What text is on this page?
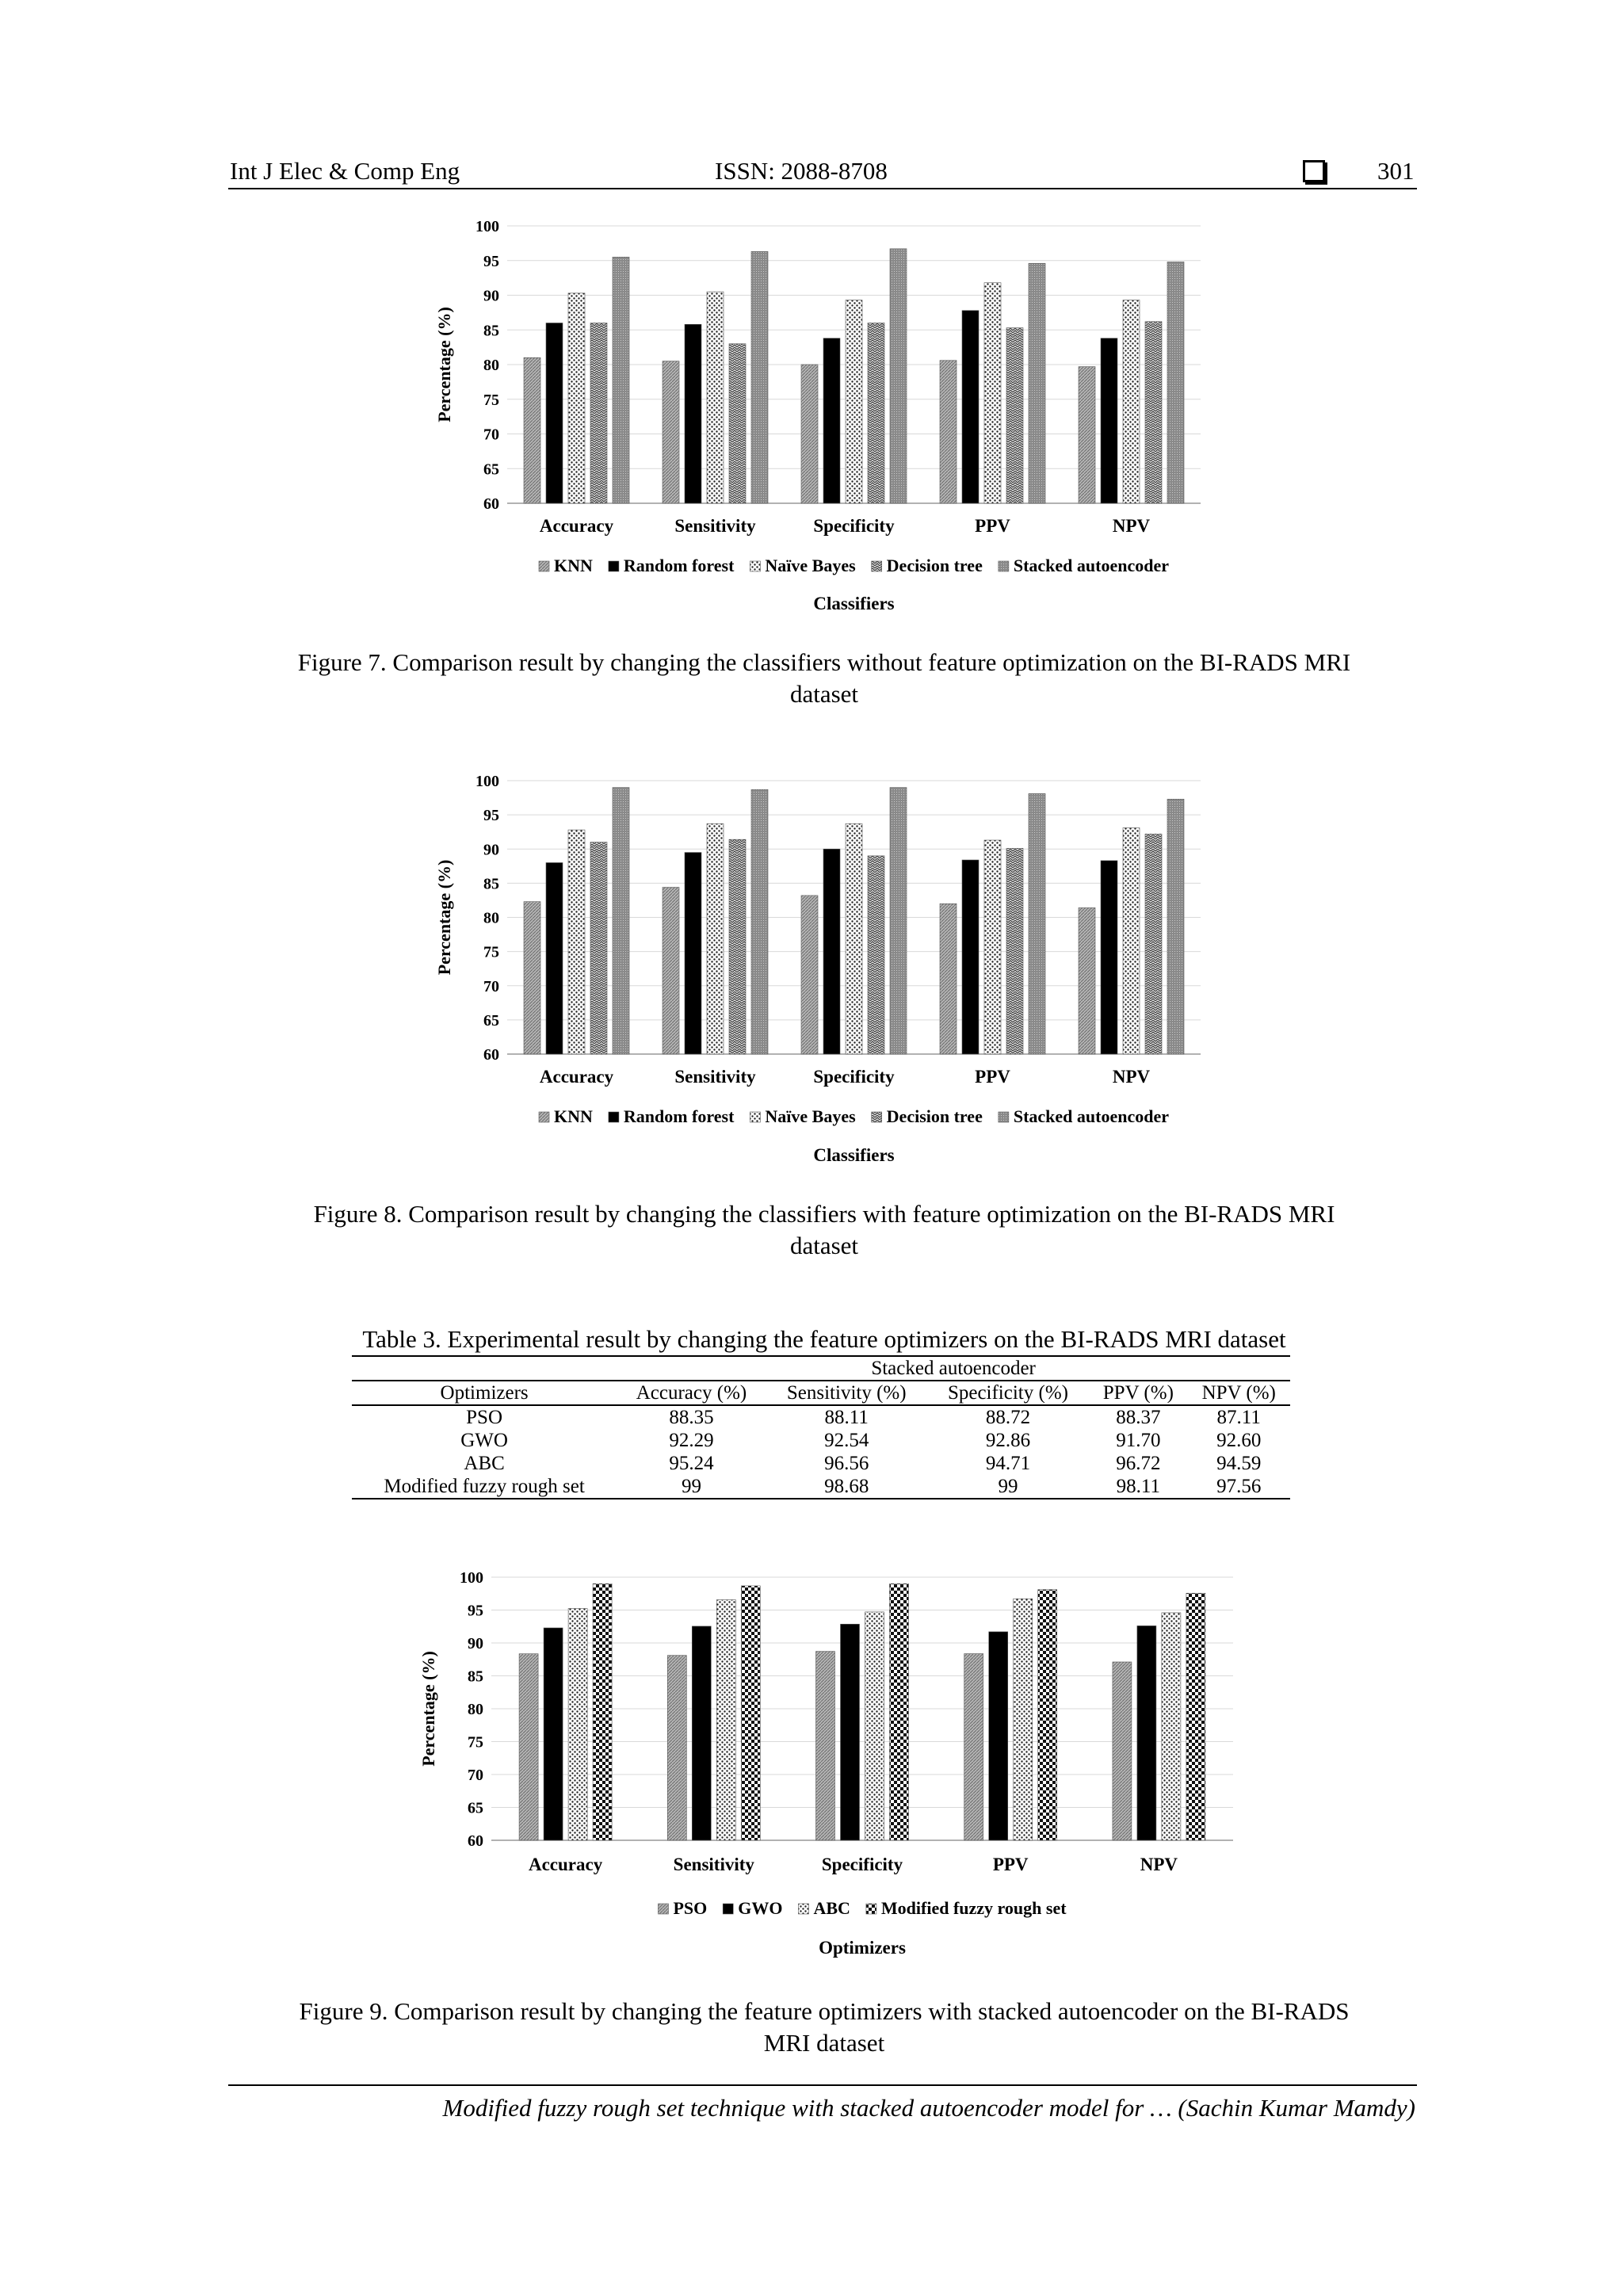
Int J Elec & Comp Eng	ISSN: 2088-8708	301
60
65
70
75
80
85
90
95
100
Percentage (%)
Accuracy	Sensitivity	Specificity	PPV	NPV
KNN Random forest Naïve Bayes Decision tree Stacked autoencoder
Classifiers
Figure 7. Comparison result by changing the classifiers without feature optimization on the BI-RADS MRI
dataset
60
65
70
75
80
85
90
95
100
Percentage (%)
Accuracy	Sensitivity	Specificity	PPV	NPV
KNN Random forest Naïve Bayes Decision tree Stacked autoencoder
Classifiers
Figure 8. Comparison result by changing the classifiers with feature optimization on the BI-RADS MRI
dataset
Table 3. Experimental result by changing the feature optimizers on the BI-RADS MRI dataset
	Stacked autoencoder				
Optimizers	Accuracy (%)	Sensitivity (%)	Specificity (%)	PPV (%)	NPV (%)
PSO	88.35	88.11	88.72	88.37	87.11
GWO	92.29	92.54	92.86	91.70	92.60
ABC	95.24	96.56	94.71	96.72	94.59
Modified fuzzy rough set	99	98.68	99	98.11	97.56
60
65
70
75
80
85
90
95
100
Percentage (%)
Accuracy	Sensitivity	Specificity	PPV	NPV
PSO GWO ABC Modified fuzzy rough set
Optimizers
Figure 9. Comparison result by changing the feature optimizers with stacked autoencoder on the BI-RADS
MRI dataset
Modified fuzzy rough set technique with stacked autoencoder model for … (Sachin Kumar Mamdy)
